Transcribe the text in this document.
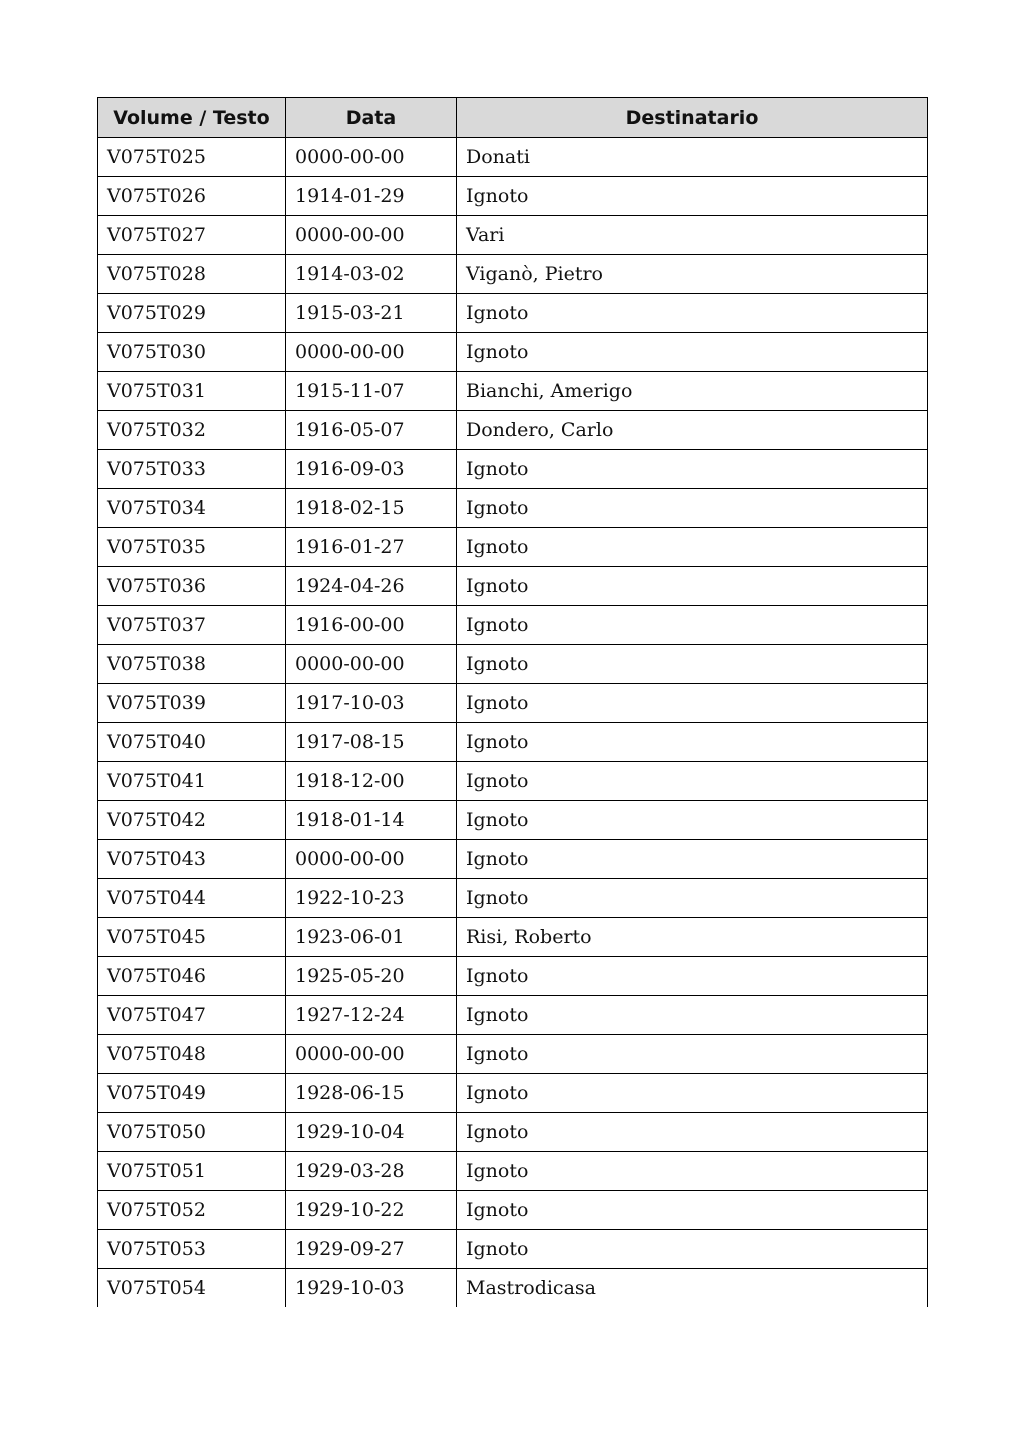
Volume / Testo	Data	Destinatario
V075T025	0000-00-00	Donati
V075T026	1914-01-29	Ignoto
V075T027	0000-00-00	Vari
V075T028	1914-03-02	Viganò, Pietro
V075T029	1915-03-21	Ignoto
V075T030	0000-00-00	Ignoto
V075T031	1915-11-07	Bianchi, Amerigo
V075T032	1916-05-07	Dondero, Carlo
V075T033	1916-09-03	Ignoto
V075T034	1918-02-15	Ignoto
V075T035	1916-01-27	Ignoto
V075T036	1924-04-26	Ignoto
V075T037	1916-00-00	Ignoto
V075T038	0000-00-00	Ignoto
V075T039	1917-10-03	Ignoto
V075T040	1917-08-15	Ignoto
V075T041	1918-12-00	Ignoto
V075T042	1918-01-14	Ignoto
V075T043	0000-00-00	Ignoto
V075T044	1922-10-23	Ignoto
V075T045	1923-06-01	Risi, Roberto
V075T046	1925-05-20	Ignoto
V075T047	1927-12-24	Ignoto
V075T048	0000-00-00	Ignoto
V075T049	1928-06-15	Ignoto
V075T050	1929-10-04	Ignoto
V075T051	1929-03-28	Ignoto
V075T052	1929-10-22	Ignoto
V075T053	1929-09-27	Ignoto
V075T054	1929-10-03	Mastrodicasa
